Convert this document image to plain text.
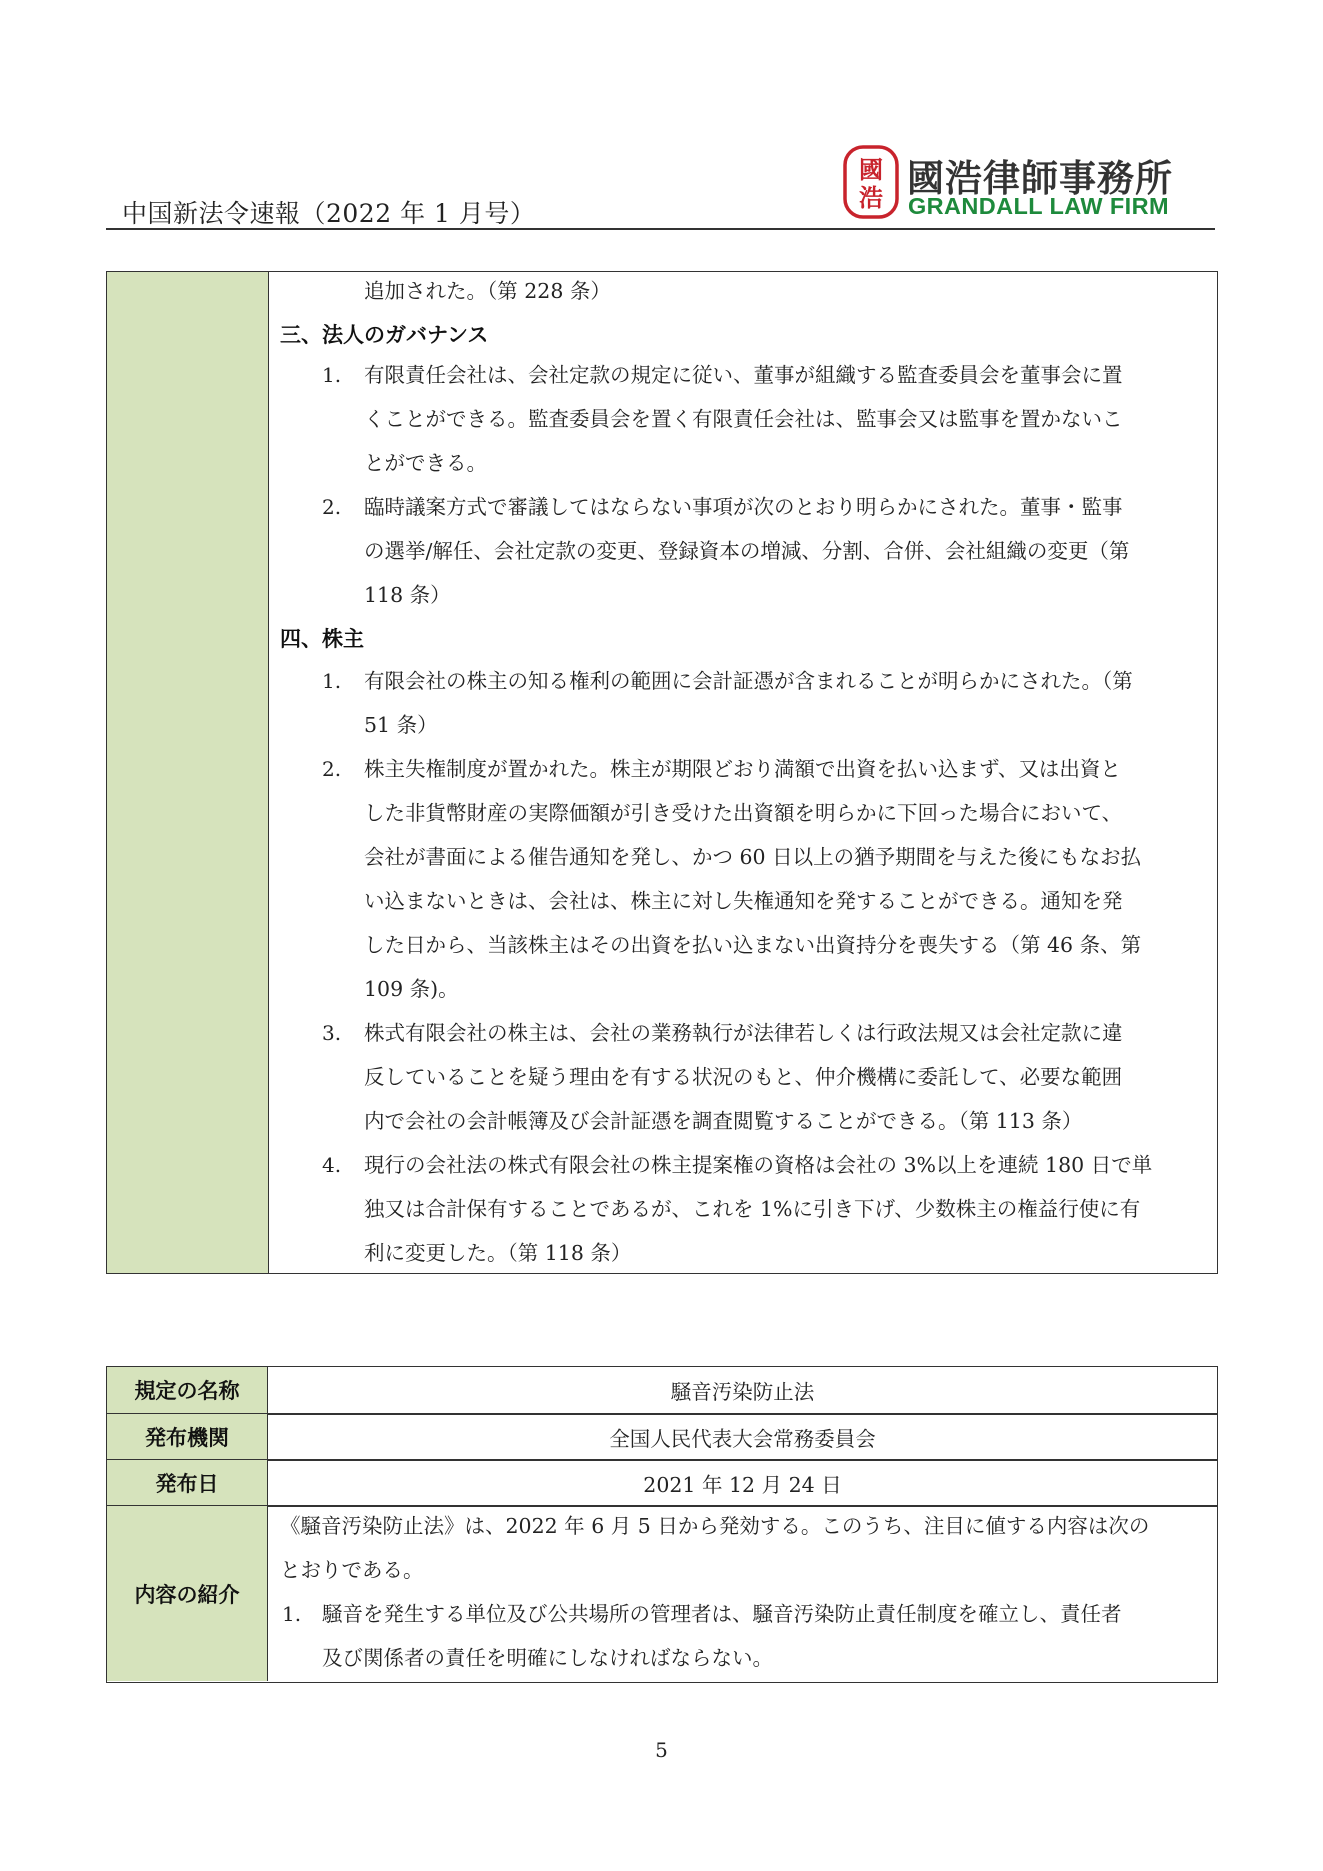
中国新法令速報（2022 年 1 月号）
國
浩 國浩律師事務所
GRANDALL LAW FIRM
追加された。（第 228 条）
三、法人のガバナンス
1. 有限責任会社は、会社定款の規定に従い、董事が組織する監査委員会を董事会に置
くことができる。監査委員会を置く有限責任会社は、監事会又は監事を置かないこ
とができる。
2. 臨時議案方式で審議してはならない事項が次のとおり明らかにされた。董事・監事
の選挙/解任、会社定款の変更、登録資本の増減、分割、合併、会社組織の変更（第
118 条）
四、株主
1. 有限会社の株主の知る権利の範囲に会計証憑が含まれることが明らかにされた。（第
51 条）
2. 株主失権制度が置かれた。株主が期限どおり満額で出資を払い込まず、又は出資と
した非貨幣財産の実際価額が引き受けた出資額を明らかに下回った場合において、
会社が書面による催告通知を発し、かつ 60 日以上の猶予期間を与えた後にもなお払
い込まないときは、会社は、株主に対し失権通知を発することができる。通知を発
した日から、当該株主はその出資を払い込まない出資持分を喪失する（第 46 条、第
109 条)。
3. 株式有限会社の株主は、会社の業務執行が法律若しくは行政法規又は会社定款に違
反していることを疑う理由を有する状況のもと、仲介機構に委託して、必要な範囲
内で会社の会計帳簿及び会計証憑を調査閲覧することができる。（第 113 条）
4. 現行の会社法の株式有限会社の株主提案権の資格は会社の 3%以上を連続 180 日で単
独又は合計保有することであるが、これを 1%に引き下げ、少数株主の権益行使に有
利に変更した。（第 118 条）
規定の名称	騒音汚染防止法
発布機関	全国人民代表大会常務委員会
発布日	2021 年 12 月 24 日
内容の紹介
《騒音汚染防止法》は、2022 年 6 月 5 日から発効する。このうち、注目に値する内容は次の
とおりである。
1. 騒音を発生する単位及び公共場所の管理者は、騒音汚染防止責任制度を確立し、責任者
及び関係者の責任を明確にしなければならない。
5
